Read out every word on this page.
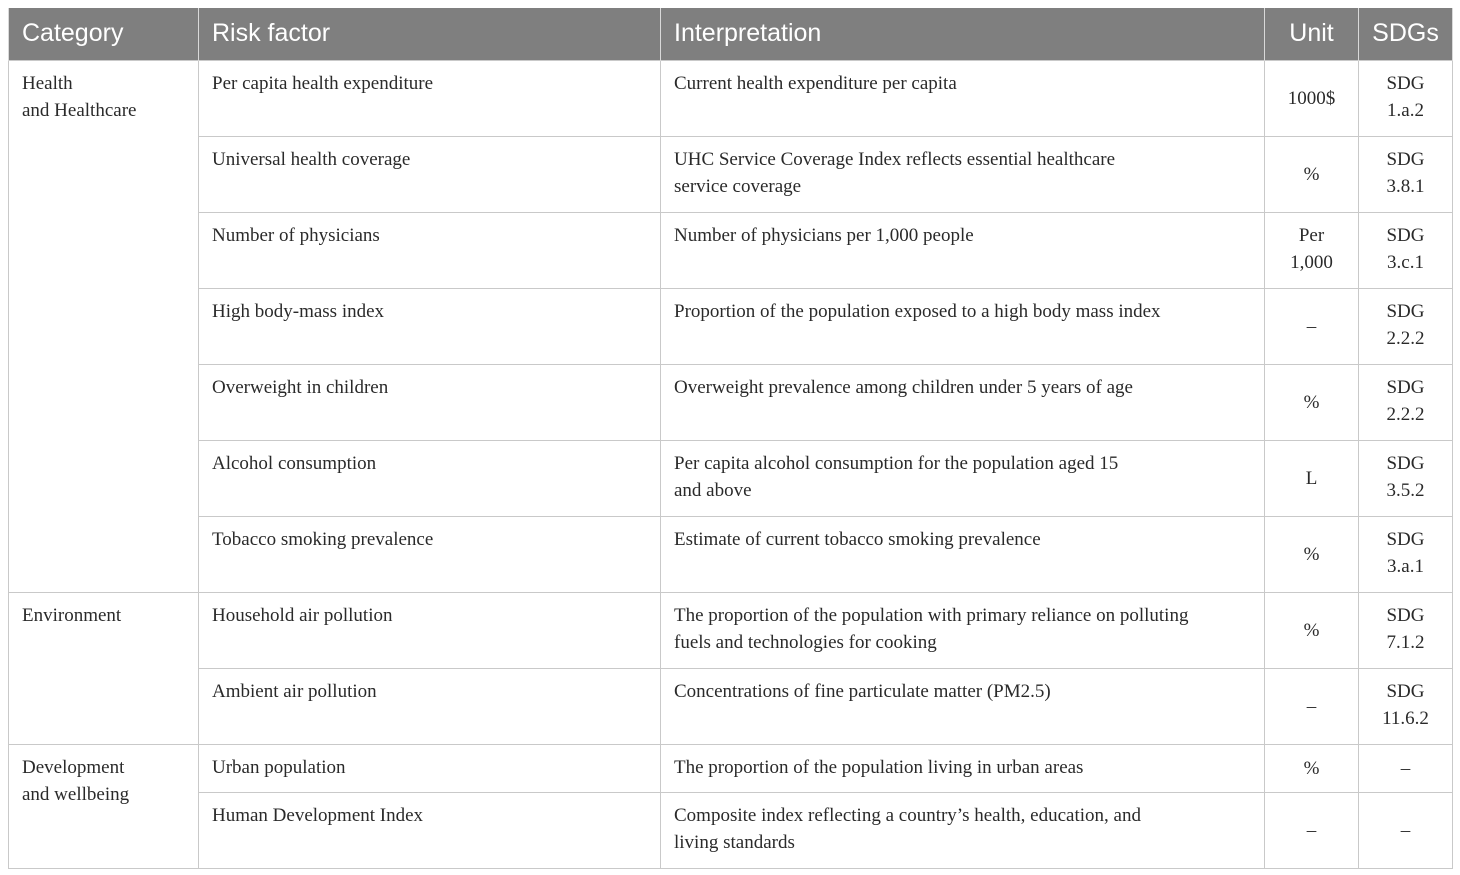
Category	Risk factor	Interpretation	Unit	SDGs

Health
and Healthcare	Per capita health expenditure	Current health expenditure per capita	1000$	SDG
1.a.2

	Universal health coverage	UHC Service Coverage Index reflects essential healthcare
service coverage	%	SDG
3.8.1

	Number of physicians	Number of physicians per 1,000 people	Per
1,000	SDG
3.c.1

	High body-mass index	Proportion of the population exposed to a high body mass index	–	SDG
2.2.2

	Overweight in children	Overweight prevalence among children under 5 years of age	%	SDG
2.2.2

	Alcohol consumption	Per capita alcohol consumption for the population aged 15
and above	L	SDG
3.5.2

	Tobacco smoking prevalence	Estimate of current tobacco smoking prevalence	%	SDG
3.a.1

Environment	Household air pollution	The proportion of the population with primary reliance on polluting
fuels and technologies for cooking	%	SDG
7.1.2

	Ambient air pollution	Concentrations of fine particulate matter (PM2.5)	–	SDG
11.6.2

Development
and wellbeing	Urban population	The proportion of the population living in urban areas	%	–

	Human Development Index	Composite index reflecting a country’s health, education, and
living standards	–	–
